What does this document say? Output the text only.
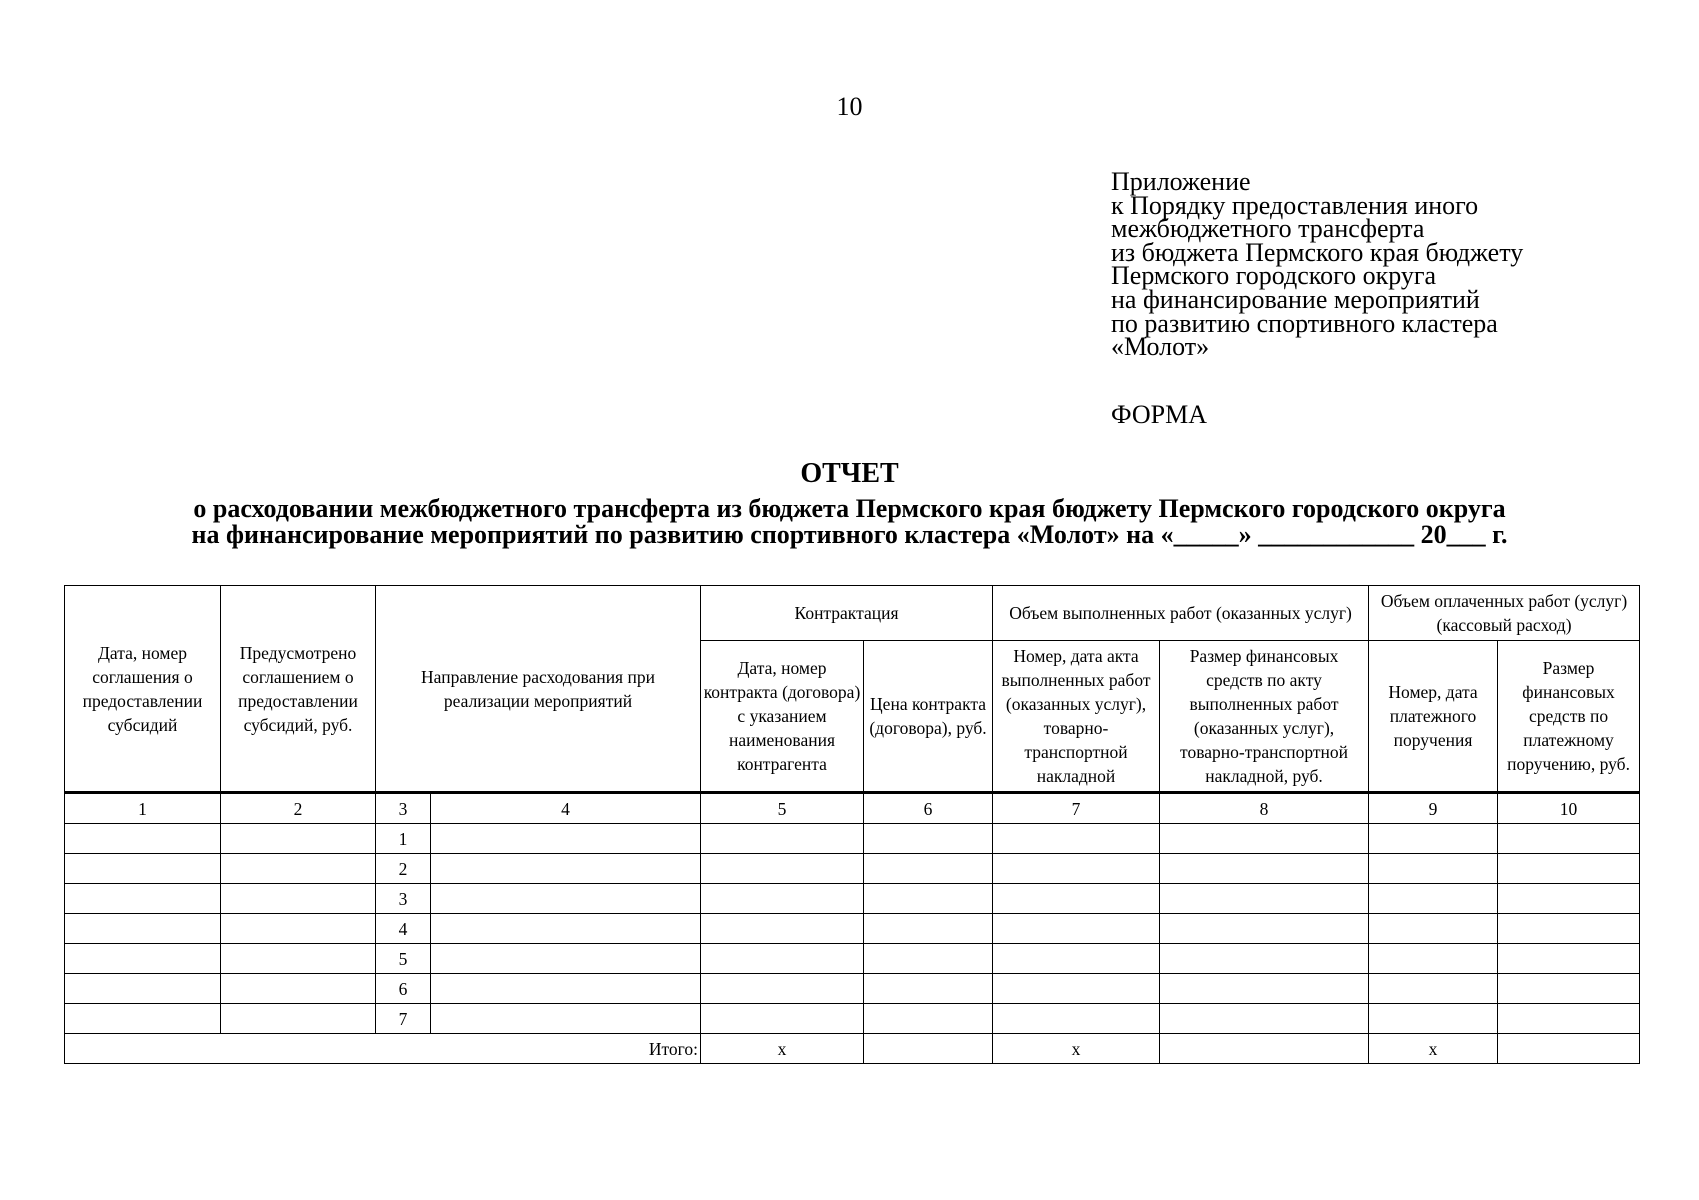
10
Приложение
к Порядку предоставления иного
межбюджетного трансферта
из бюджета Пермского края бюджету
Пермского городского округа
на финансирование мероприятий
по развитию спортивного кластера
«Молот»
ФОРМА
ОТЧЕТ
о расходовании межбюджетного трансферта из бюджета Пермского края бюджету Пермского городского округа
на финансирование мероприятий по развитию спортивного кластера «Молот» на «_____» ____________ 20___ г.
Дата, номер соглашения о предоставлении субсидий	Предусмотрено соглашением о предоставлении субсидий, руб.	Направление расходования при реализации мероприятий		Контрактация		Объем выполненных работ (оказанных услуг)		Объем оплаченных работ (услуг) (кассовый расход)	
				Дата, номер контракта (договора) с указанием наименования контрагента	Цена контракта (договора), руб.	Номер, дата акта выполненных работ (оказанных услуг), товарно-транспортной накладной	Размер финансовых средств по акту выполненных работ (оказанных услуг), товарно-транспортной накладной, руб.	Номер, дата платежного поручения	Размер финансовых средств по платежному поручению, руб.
1	2	3	4	5	6	7	8	9	10
		1							
		2							
		3							
		4							
		5							
		6							
		7							
Итого:				х		х		х	
